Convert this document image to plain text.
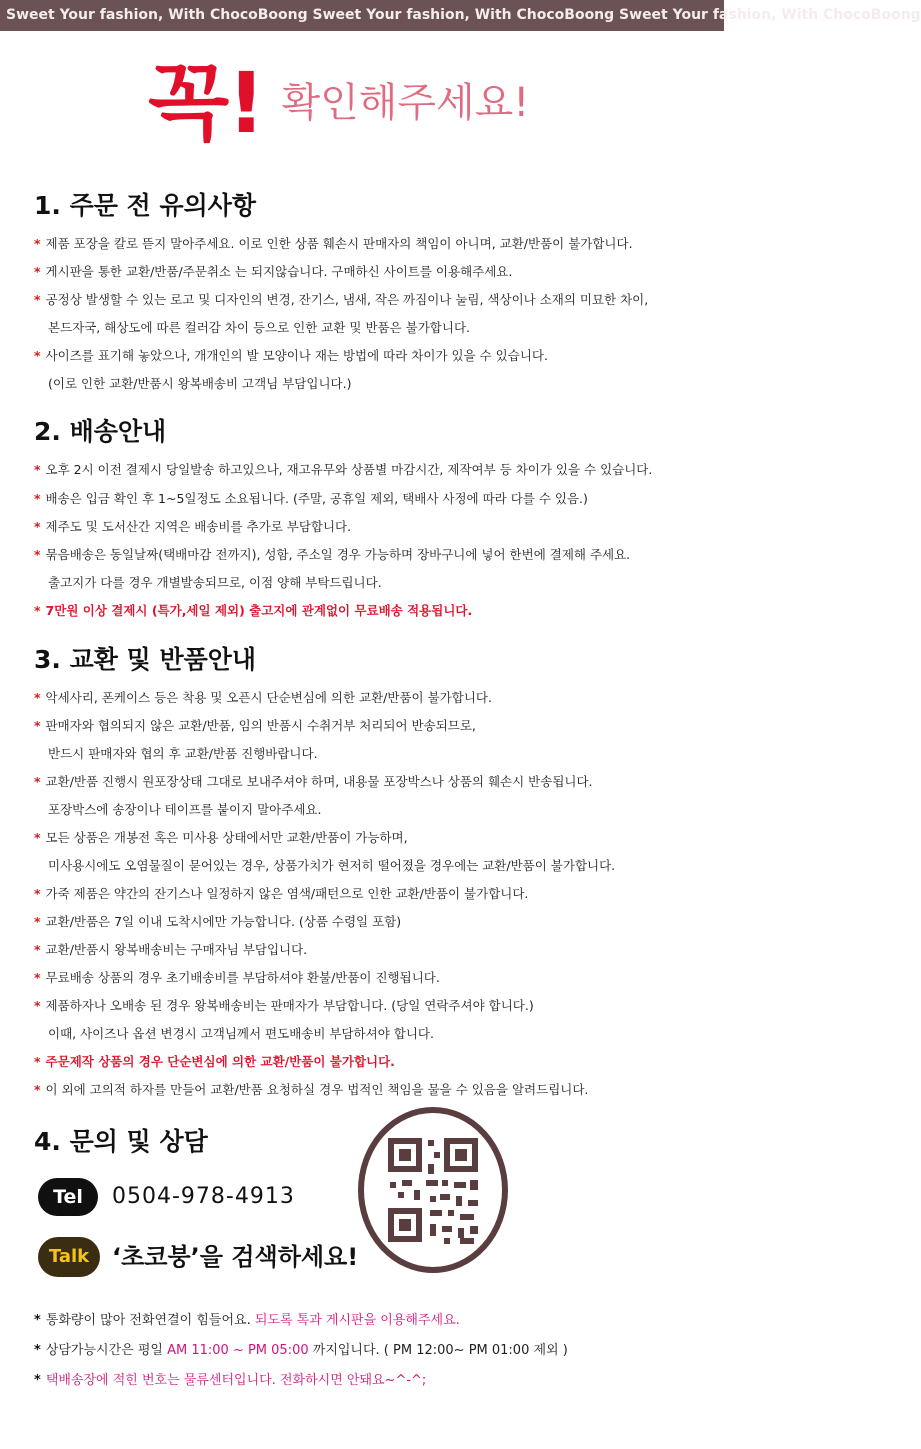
Sweet Your fashion, With ChocoBoong Sweet Your fashion, With ChocoBoong Sweet Your fashion, With ChocoBoong
꼭! 확인해주세요!
1. 주문 전 유의사항
* 제품 포장을 칼로 뜯지 말아주세요. 이로 인한 상품 훼손시 판매자의 책임이 아니며, 교환/반품이 불가합니다.
* 게시판을 통한 교환/반품/주문취소 는 되지않습니다. 구매하신 사이트를 이용해주세요.
* 공정상 발생할 수 있는 로고 및 디자인의 변경, 잔기스, 냄새, 작은 까짐이나 눌림, 색상이나 소재의 미묘한 차이,
본드자국, 해상도에 따른 컬러감 차이 등으로 인한 교환 및 반품은 불가합니다.
* 사이즈를 표기해 놓았으나, 개개인의 발 모양이나 재는 방법에 따라 차이가 있을 수 있습니다.
(이로 인한 교환/반품시 왕복배송비 고객님 부담입니다.)
2. 배송안내
* 오후 2시 이전 결제시 당일발송 하고있으나, 재고유무와 상품별 마감시간, 제작여부 등 차이가 있을 수 있습니다.
* 배송은 입금 확인 후 1~5일정도 소요됩니다. (주말, 공휴일 제외, 택배사 사정에 따라 다를 수 있음.)
* 제주도 및 도서산간 지역은 배송비를 추가로 부담합니다.
* 묶음배송은 동일날짜(택배마감 전까지), 성함, 주소일 경우 가능하며 장바구니에 넣어 한번에 결제해 주세요.
출고지가 다를 경우 개별발송되므로, 이점 양해 부탁드립니다.
* 7만원 이상 결제시 (특가,세일 제외) 출고지에 관계없이 무료배송 적용됩니다.
3. 교환 및 반품안내
* 악세사리, 폰케이스 등은 착용 및 오픈시 단순변심에 의한 교환/반품이 불가합니다.
* 판매자와 협의되지 않은 교환/반품, 임의 반품시 수취거부 처리되어 반송되므로,
반드시 판매자와 협의 후 교환/반품 진행바랍니다.
* 교환/반품 진행시 원포장상태 그대로 보내주셔야 하며, 내용물 포장박스나 상품의 훼손시 반송됩니다.
포장박스에 송장이나 테이프를 붙이지 말아주세요.
* 모든 상품은 개봉전 혹은 미사용 상태에서만 교환/반품이 가능하며,
미사용시에도 오염물질이 묻어있는 경우, 상품가치가 현저히 떨어졌을 경우에는 교환/반품이 불가합니다.
* 가죽 제품은 약간의 잔기스나 일정하지 않은 염색/패턴으로 인한 교환/반품이 불가합니다.
* 교환/반품은 7일 이내 도착시에만 가능합니다. (상품 수령일 포함)
* 교환/반품시 왕복배송비는 구매자님 부담입니다.
* 무료배송 상품의 경우 초기배송비를 부담하셔야 환불/반품이 진행됩니다.
* 제품하자나 오배송 된 경우 왕복배송비는 판매자가 부담합니다. (당일 연락주셔야 합니다.)
이때, 사이즈나 옵션 변경시 고객님께서 편도배송비 부담하셔야 합니다.
* 주문제작 상품의 경우 단순변심에 의한 교환/반품이 불가합니다.
* 이 외에 고의적 하자를 만들어 교환/반품 요청하실 경우 법적인 책임을 물을 수 있음을 알려드립니다.
4. 문의 및 상담
Tel	0504-978-4913
Talk ‘초코붕’을 검색하세요!
* 통화량이 많아 전화연결이 힘들어요. 되도록 톡과 게시판을 이용해주세요.
* 상담가능시간은 평일 AM 11:00 ~ PM 05:00 까지입니다. ( PM 12:00~ PM 01:00 제외 )
* 택배송장에 적힌 번호는 물류센터입니다. 전화하시면 안돼요~^-^;
